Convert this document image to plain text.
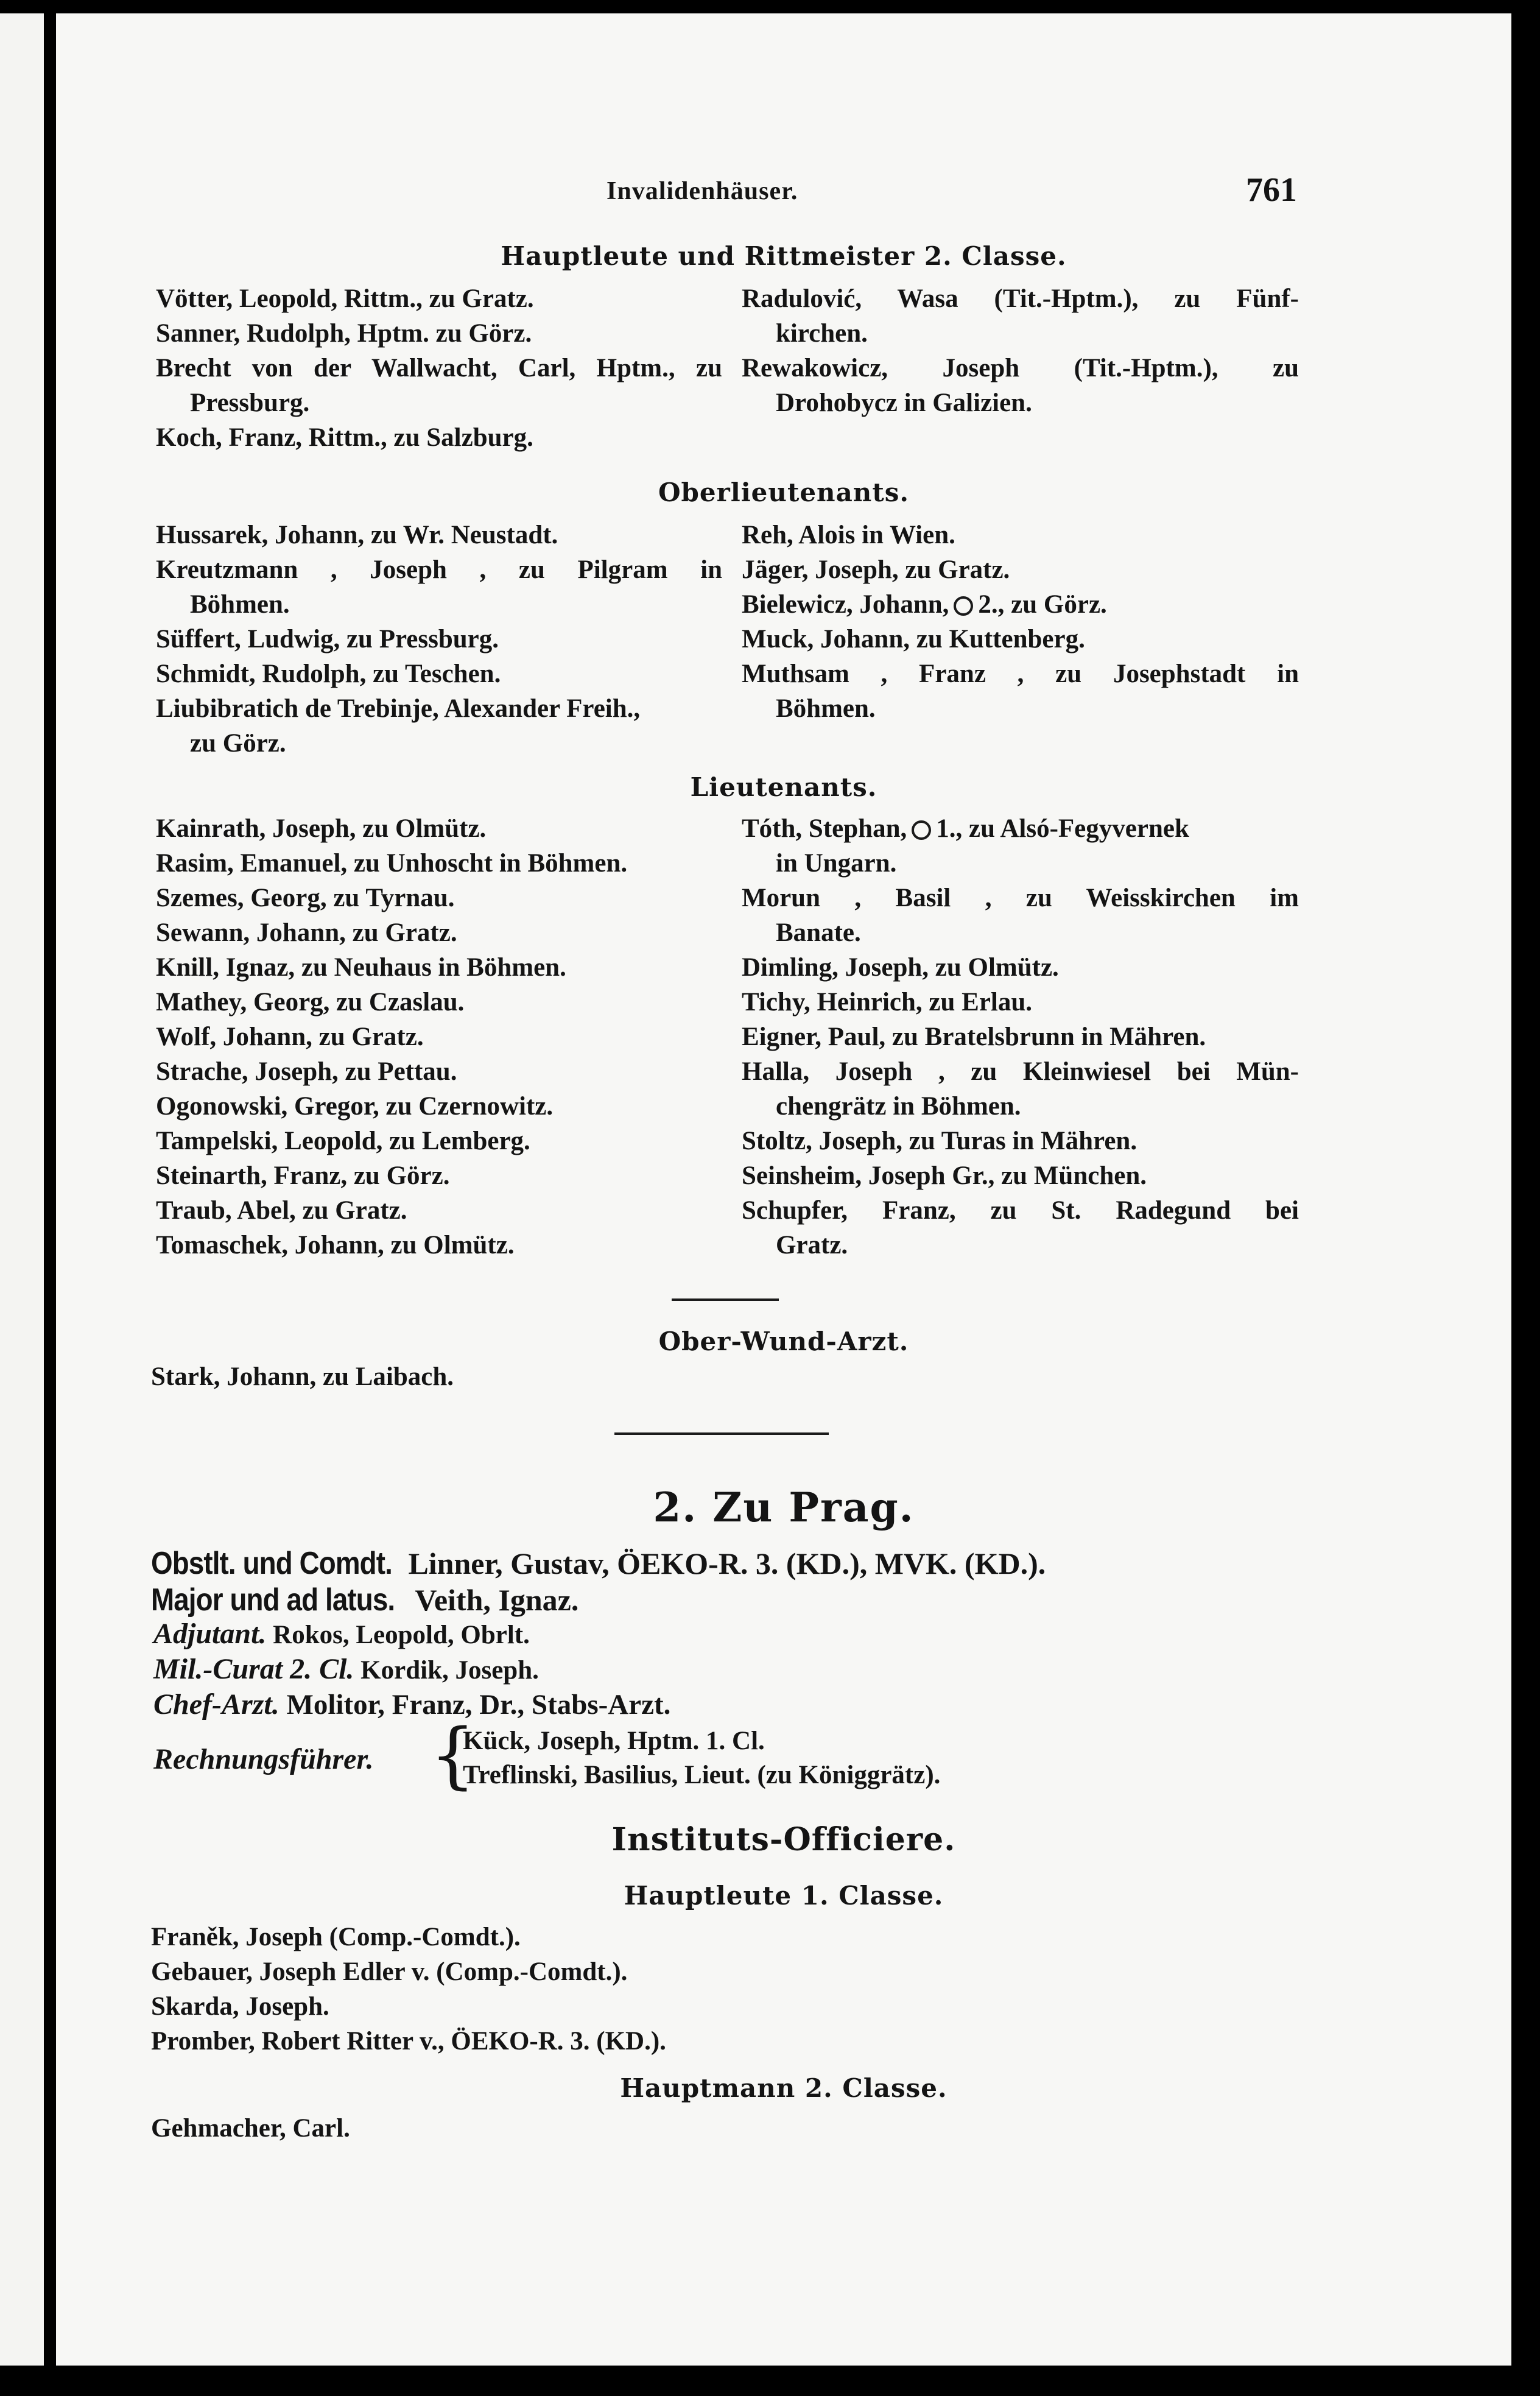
Invalidenhäuser.	761
Hauptleute und Rittmeister 2. Classe.
Vötter, Leopold, Rittm., zu Gratz.
Sanner, Rudolph, Hptm. zu Görz.
Brecht von der Wallwacht, Carl, Hptm., zu
Pressburg.
Koch, Franz, Rittm., zu Salzburg.
Radulović, Wasa (Tit.-Hptm.), zu Fünf-
kirchen.
Rewakowicz, Joseph (Tit.-Hptm.), zu
Drohobycz in Galizien.
Oberlieutenants.
Hussarek, Johann, zu Wr. Neustadt.
Kreutzmann , Joseph , zu Pilgram in
Böhmen.
Süffert, Ludwig, zu Pressburg.
Schmidt, Rudolph, zu Teschen.
Liubibratich de Trebinje, Alexander Freih.,
zu Görz.
Reh, Alois in Wien.
Jäger, Joseph, zu Gratz.
Bielewicz, Johann, 2., zu Görz.
Muck, Johann, zu Kuttenberg.
Muthsam , Franz , zu Josephstadt in
Böhmen.
Lieutenants.
Kainrath, Joseph, zu Olmütz.
Rasim, Emanuel, zu Unhoscht in Böhmen.
Szemes, Georg, zu Tyrnau.
Sewann, Johann, zu Gratz.
Knill, Ignaz, zu Neuhaus in Böhmen.
Mathey, Georg, zu Czaslau.
Wolf, Johann, zu Gratz.
Strache, Joseph, zu Pettau.
Ogonowski, Gregor, zu Czernowitz.
Tampelski, Leopold, zu Lemberg.
Steinarth, Franz, zu Görz.
Traub, Abel, zu Gratz.
Tomaschek, Johann, zu Olmütz.
Tóth, Stephan, 1., zu Alsó-Fegyvernek
in Ungarn.
Morun , Basil , zu Weisskirchen im
Banate.
Dimling, Joseph, zu Olmütz.
Tichy, Heinrich, zu Erlau.
Eigner, Paul, zu Bratelsbrunn in Mähren.
Halla, Joseph , zu Kleinwiesel bei Mün-
chengrätz in Böhmen.
Stoltz, Joseph, zu Turas in Mähren.
Seinsheim, Joseph Gr., zu München.
Schupfer, Franz, zu St. Radegund bei
Gratz.
Ober-Wund-Arzt.
Stark, Johann, zu Laibach.
2. Zu Prag.
Obstlt. und Comdt. Linner, Gustav, ÖEKO-R. 3. (KD.), MVK. (KD.).
Major und ad latus. Veith, Ignaz.
Adjutant. Rokos, Leopold, Obrlt.
Mil.-Curat 2. Cl. Kordik, Joseph.
Chef-Arzt. Molitor, Franz, Dr., Stabs-Arzt.
Rechnungsführer. {
Kück, Joseph, Hptm. 1. Cl.
Treflinski, Basilius, Lieut. (zu Königgrätz).
Instituts-Officiere.
Hauptleute 1. Classe.
Franěk, Joseph (Comp.-Comdt.).
Gebauer, Joseph Edler v. (Comp.-Comdt.).
Skarda, Joseph.
Promber, Robert Ritter v., ÖEKO-R. 3. (KD.).
Hauptmann 2. Classe.
Gehmacher, Carl.
